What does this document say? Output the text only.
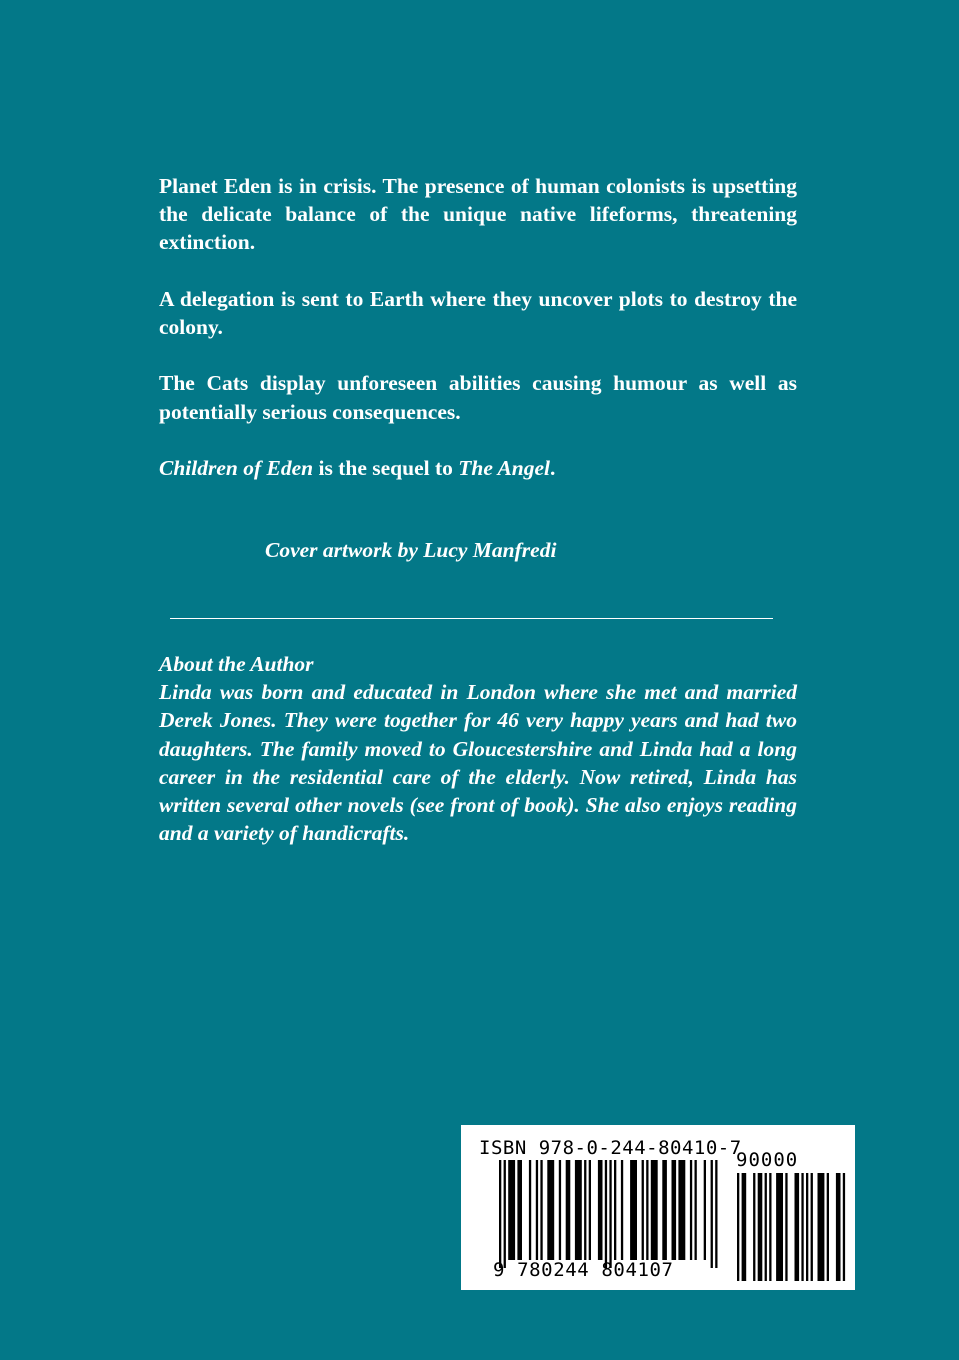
Planet Eden is in crisis. The presence of human colonists is upsetting the delicate balance of the unique native lifeforms, threatening extinction.

A delegation is sent to Earth where they uncover plots to destroy the colony.

The Cats display unforeseen abilities causing humour as well as potentially serious consequences.

Children of Eden is the sequel to The Angel.

Cover artwork by Lucy Manfredi
About the Author
Linda was born and educated in London where she met and married Derek Jones. They were together for 46 very happy years and had two daughters. The family moved to Gloucestershire and Linda had a long career in the residential care of the elderly. Now retired, Linda has written several other novels (see front of book). She also enjoys reading and a variety of handicrafts.
ISBN 978-0-244-80410-7
90000
9 780244 804107
